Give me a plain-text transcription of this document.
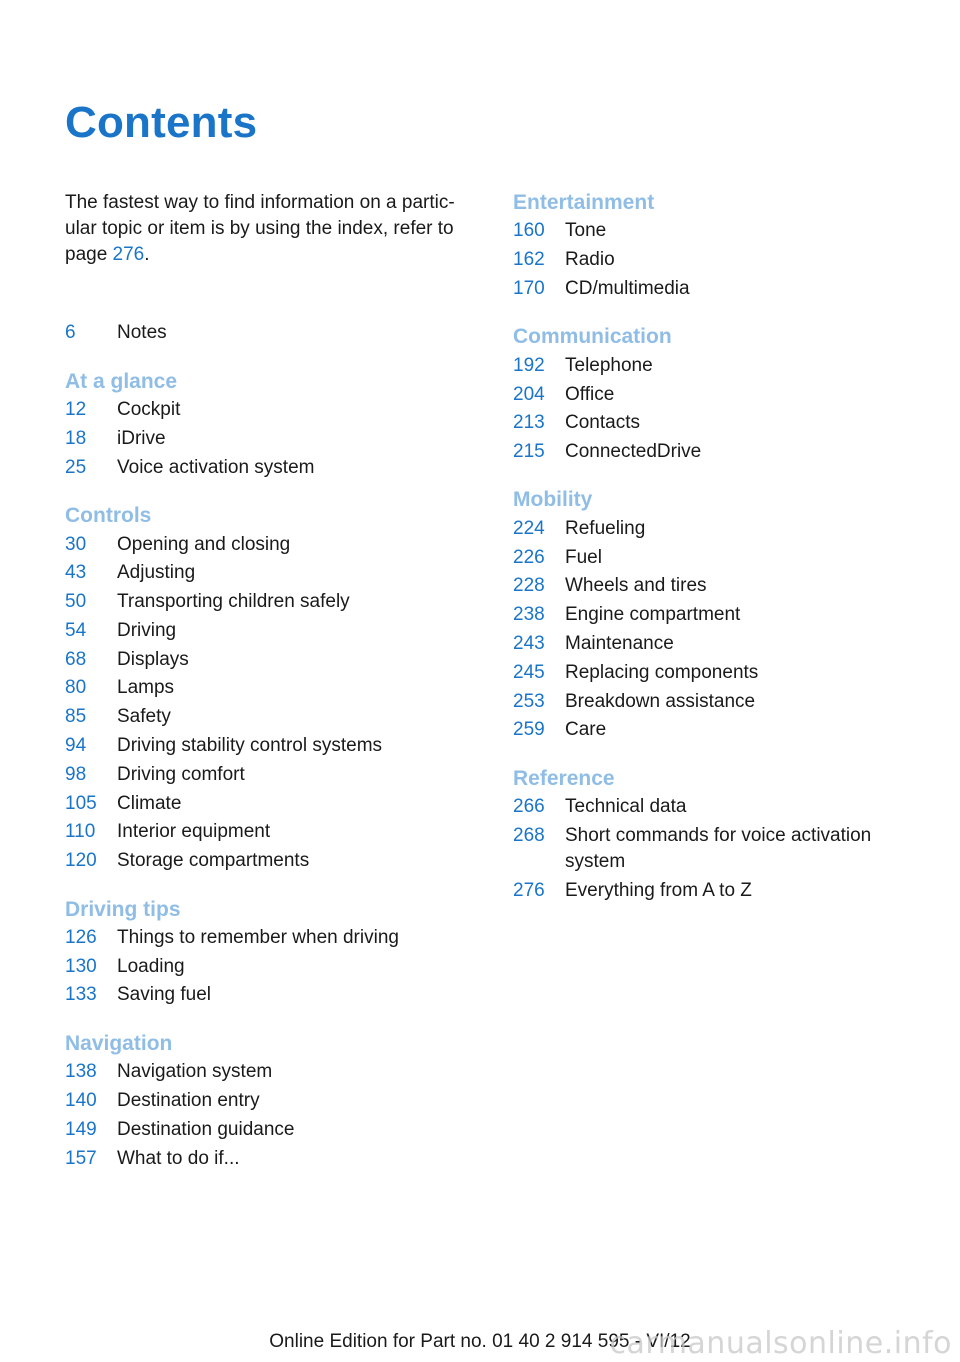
Contents

The fastest way to find information on a partic-ular topic or item is by using the index, refer to page 276.

6	Notes
At a glance
12	Cockpit
18	iDrive
25	Voice activation system
Controls
30	Opening and closing
43	Adjusting
50	Transporting children safely
54	Driving
68	Displays
80	Lamps
85	Safety
94	Driving stability control systems
98	Driving comfort
105	Climate
110	Interior equipment
120	Storage compartments
Driving tips
126	Things to remember when driving
130	Loading
133	Saving fuel
Navigation
138	Navigation system
140	Destination entry
149	Destination guidance
157	What to do if...
Entertainment
160	Tone
162	Radio
170	CD/multimedia
Communication
192	Telephone
204	Office
213	Contacts
215	ConnectedDrive
Mobility
224	Refueling
226	Fuel
228	Wheels and tires
238	Engine compartment
243	Maintenance
245	Replacing components
253	Breakdown assistance
259	Care
Reference
266	Technical data
268	Short commands for voice activation system
276	Everything from A to Z
Online Edition for Part no. 01 40 2 914 595 - VI/12
carmanualsonline.info
